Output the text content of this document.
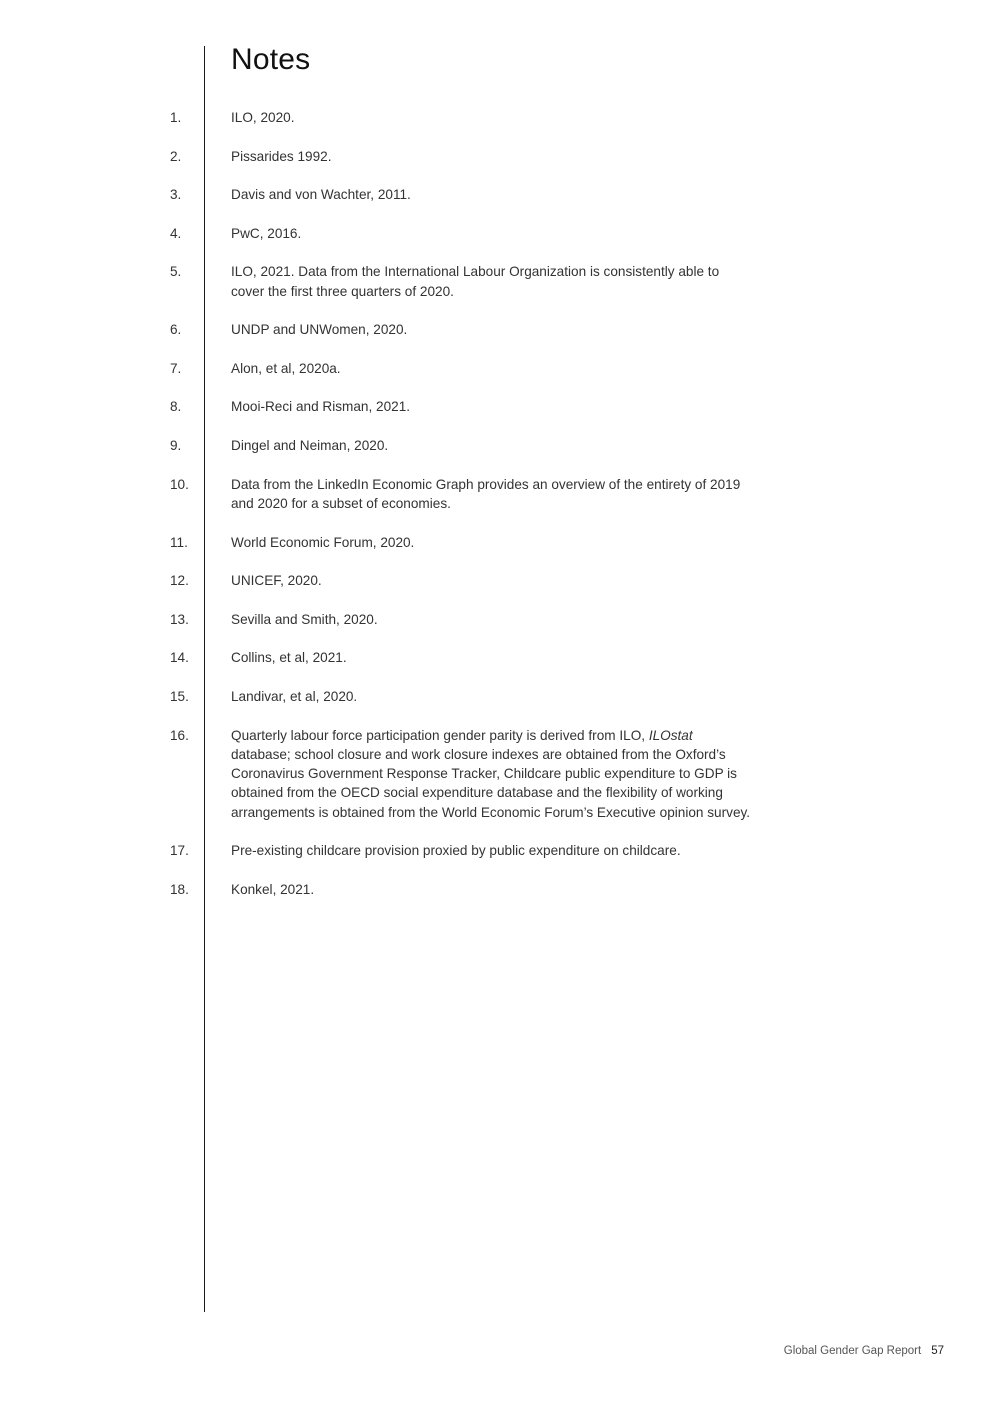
Notes
1.	ILO, 2020.
2.	Pissarides 1992.
3.	Davis and von Wachter, 2011.
4.	PwC, 2016.
5.	ILO, 2021. Data from the International Labour Organization is consistently able to cover the first three quarters of 2020.
6.	UNDP and UNWomen, 2020.
7.	Alon, et al, 2020a.
8.	Mooi-Reci and Risman, 2021.
9.	Dingel and Neiman, 2020.
10.	Data from the LinkedIn Economic Graph provides an overview of the entirety of 2019 and 2020 for a subset of economies.
11.	World Economic Forum, 2020.
12.	UNICEF, 2020.
13.	Sevilla and Smith, 2020.
14.	Collins, et al, 2021.
15.	Landivar, et al, 2020.
16.	Quarterly labour force participation gender parity is derived from ILO, ILOstat database; school closure and work closure indexes are obtained from the Oxford’s Coronavirus Government Response Tracker, Childcare public expenditure to GDP is obtained from the OECD social expenditure database and the flexibility of working arrangements is obtained from the World Economic Forum’s Executive opinion survey.
17.	Pre-existing childcare provision proxied by public expenditure on childcare.
18.	Konkel, 2021.
Global Gender Gap Report 57
